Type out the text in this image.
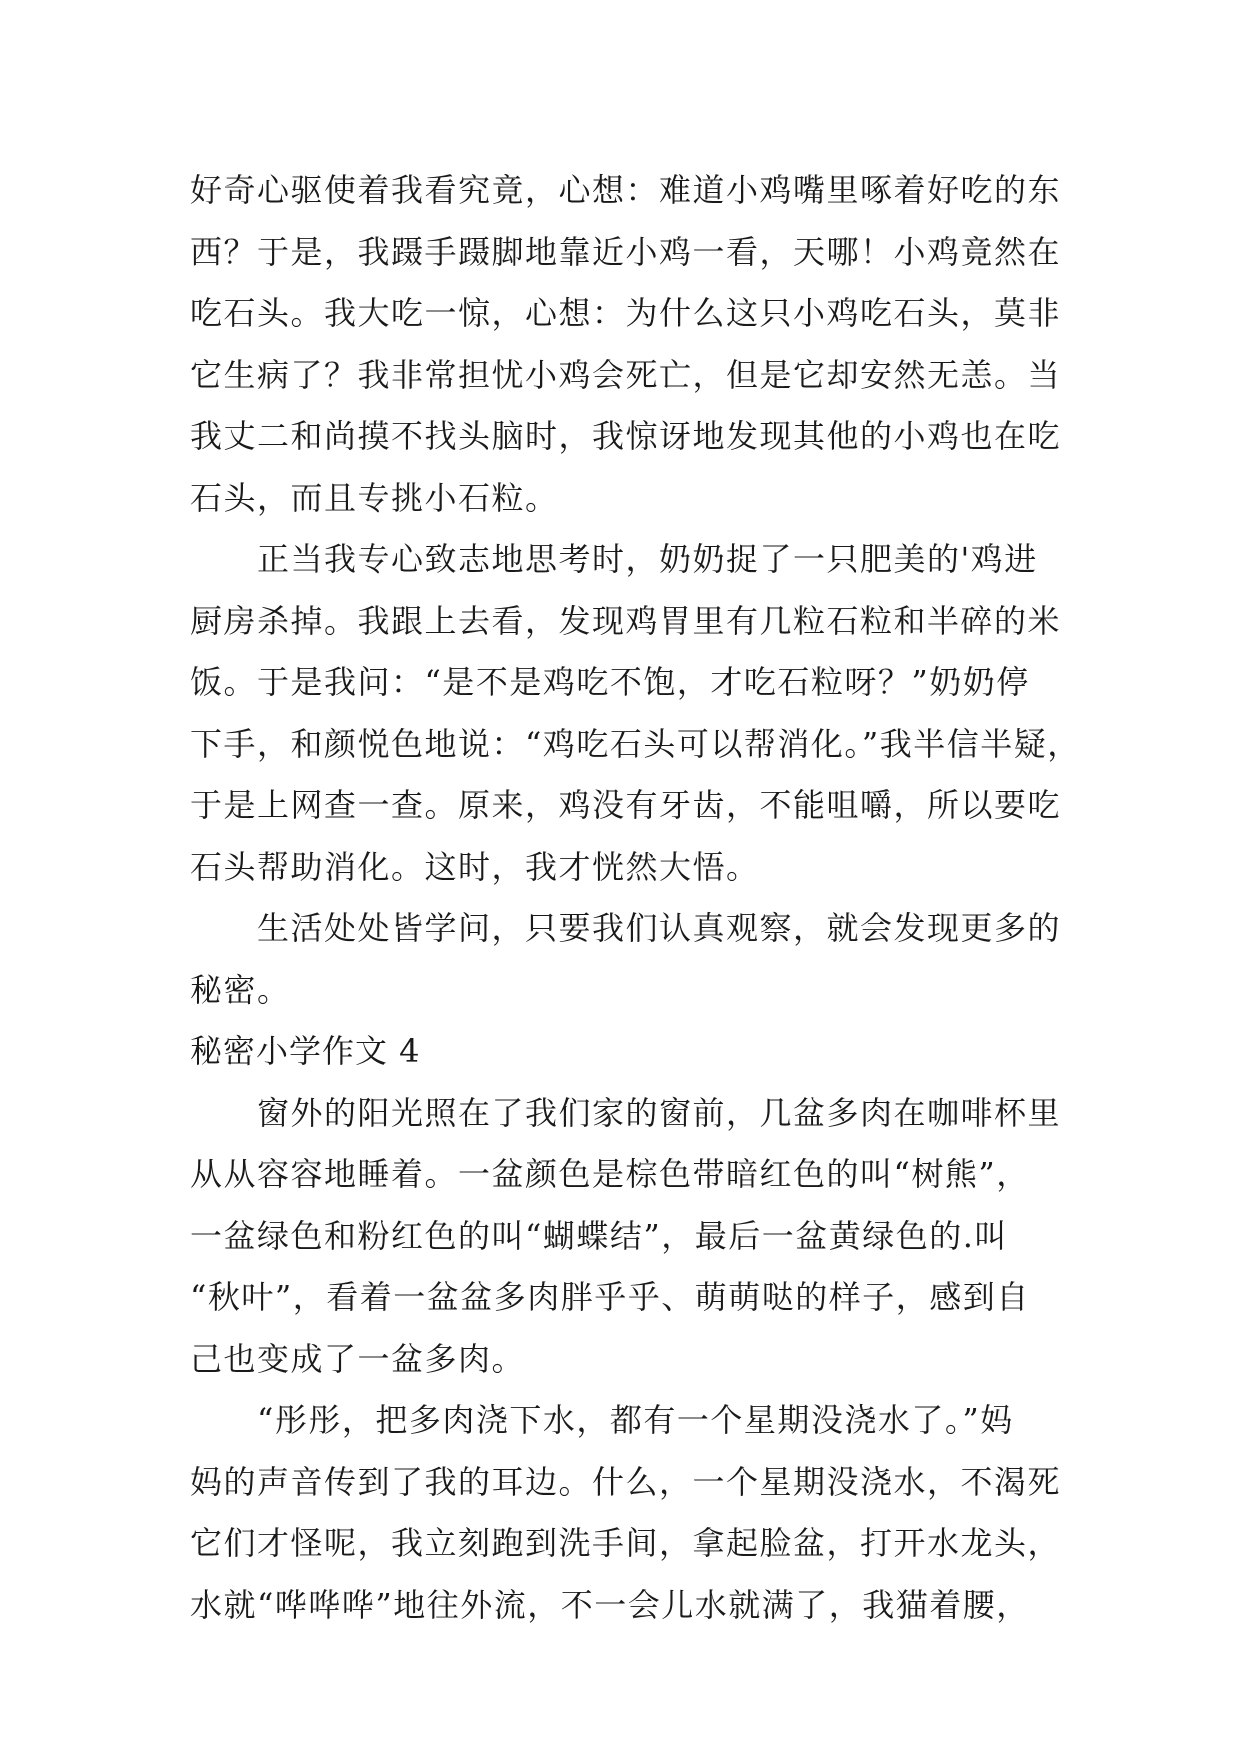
好奇心驱使着我看究竟，心想：难道小鸡嘴里啄着好吃的东
西？于是，我蹑手蹑脚地靠近小鸡一看，天哪！小鸡竟然在
吃石头。我大吃一惊，心想：为什么这只小鸡吃石头，莫非
它生病了？我非常担忧小鸡会死亡，但是它却安然无恙。当
我丈二和尚摸不找头脑时，我惊讶地发现其他的小鸡也在吃
石头，而且专挑小石粒。
　　正当我专心致志地思考时，奶奶捉了一只肥美的'鸡进
厨房杀掉。我跟上去看，发现鸡胃里有几粒石粒和半碎的米
饭。于是我问：“是不是鸡吃不饱，才吃石粒呀？”奶奶停
下手，和颜悦色地说：“鸡吃石头可以帮消化。”我半信半疑，
于是上网查一查。原来，鸡没有牙齿，不能咀嚼，所以要吃
石头帮助消化。这时，我才恍然大悟。
　　生活处处皆学问，只要我们认真观察，就会发现更多的
秘密。
秘密小学作文 4
　　窗外的阳光照在了我们家的窗前，几盆多肉在咖啡杯里
从从容容地睡着。一盆颜色是棕色带暗红色的叫“树熊”，
一盆绿色和粉红色的叫“蝴蝶结”，最后一盆黄绿色的.叫
“秋叶”，看着一盆盆多肉胖乎乎、萌萌哒的样子，感到自
己也变成了一盆多肉。
　　“彤彤，把多肉浇下水，都有一个星期没浇水了。”妈
妈的声音传到了我的耳边。什么，一个星期没浇水，不渴死
它们才怪呢，我立刻跑到洗手间，拿起脸盆，打开水龙头，
水就“哗哗哗”地往外流，不一会儿水就满了，我猫着腰，
